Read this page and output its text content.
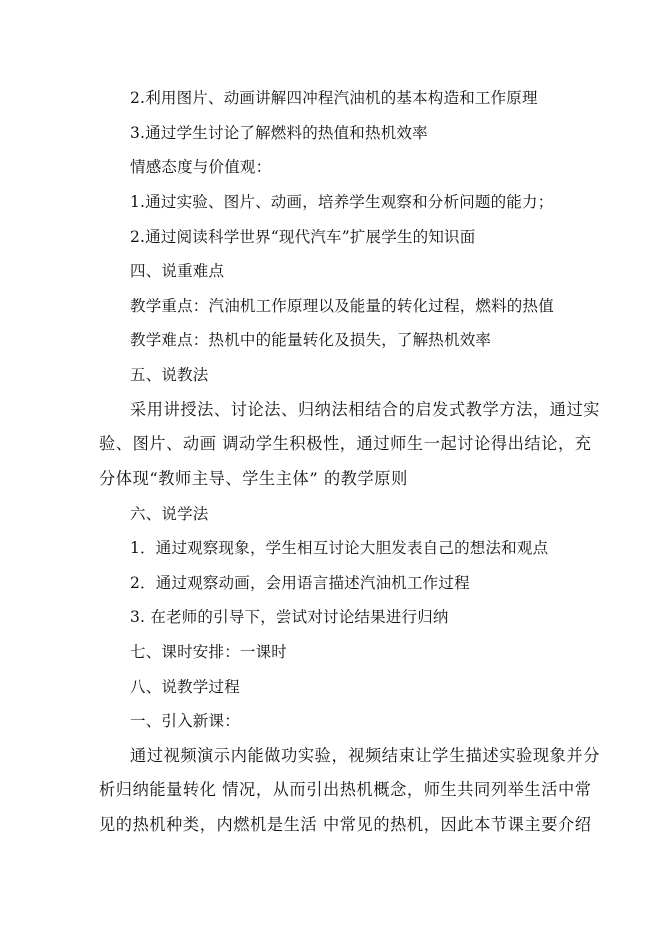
2.利用图片、动画讲解四冲程汽油机的基本构造和工作原理
3.通过学生讨论了解燃料的热值和热机效率
情感态度与价值观：
1.通过实验、图片、动画，培养学生观察和分析问题的能力；
2.通过阅读科学世界“现代汽车”扩展学生的知识面
四、说重难点
教学重点：汽油机工作原理以及能量的转化过程，燃料的热值
教学难点：热机中的能量转化及损失，了解热机效率
五、说教法
采用讲授法、讨论法、归纳法相结合的启发式教学方法，通过实
验、图片、动画 调动学生积极性，通过师生一起讨论得出结论，充
分体现“教师主导、学生主体” 的教学原则
六、说学法
1．通过观察现象，学生相互讨论大胆发表自己的想法和观点
2．通过观察动画，会用语言描述汽油机工作过程
3. 在老师的引导下，尝试对讨论结果进行归纳
七、课时安排：一课时
八、说教学过程
一、引入新课：
通过视频演示内能做功实验，视频结束让学生描述实验现象并分
析归纳能量转化 情况，从而引出热机概念，师生共同列举生活中常
见的热机种类，内燃机是生活 中常见的热机，因此本节课主要介绍
